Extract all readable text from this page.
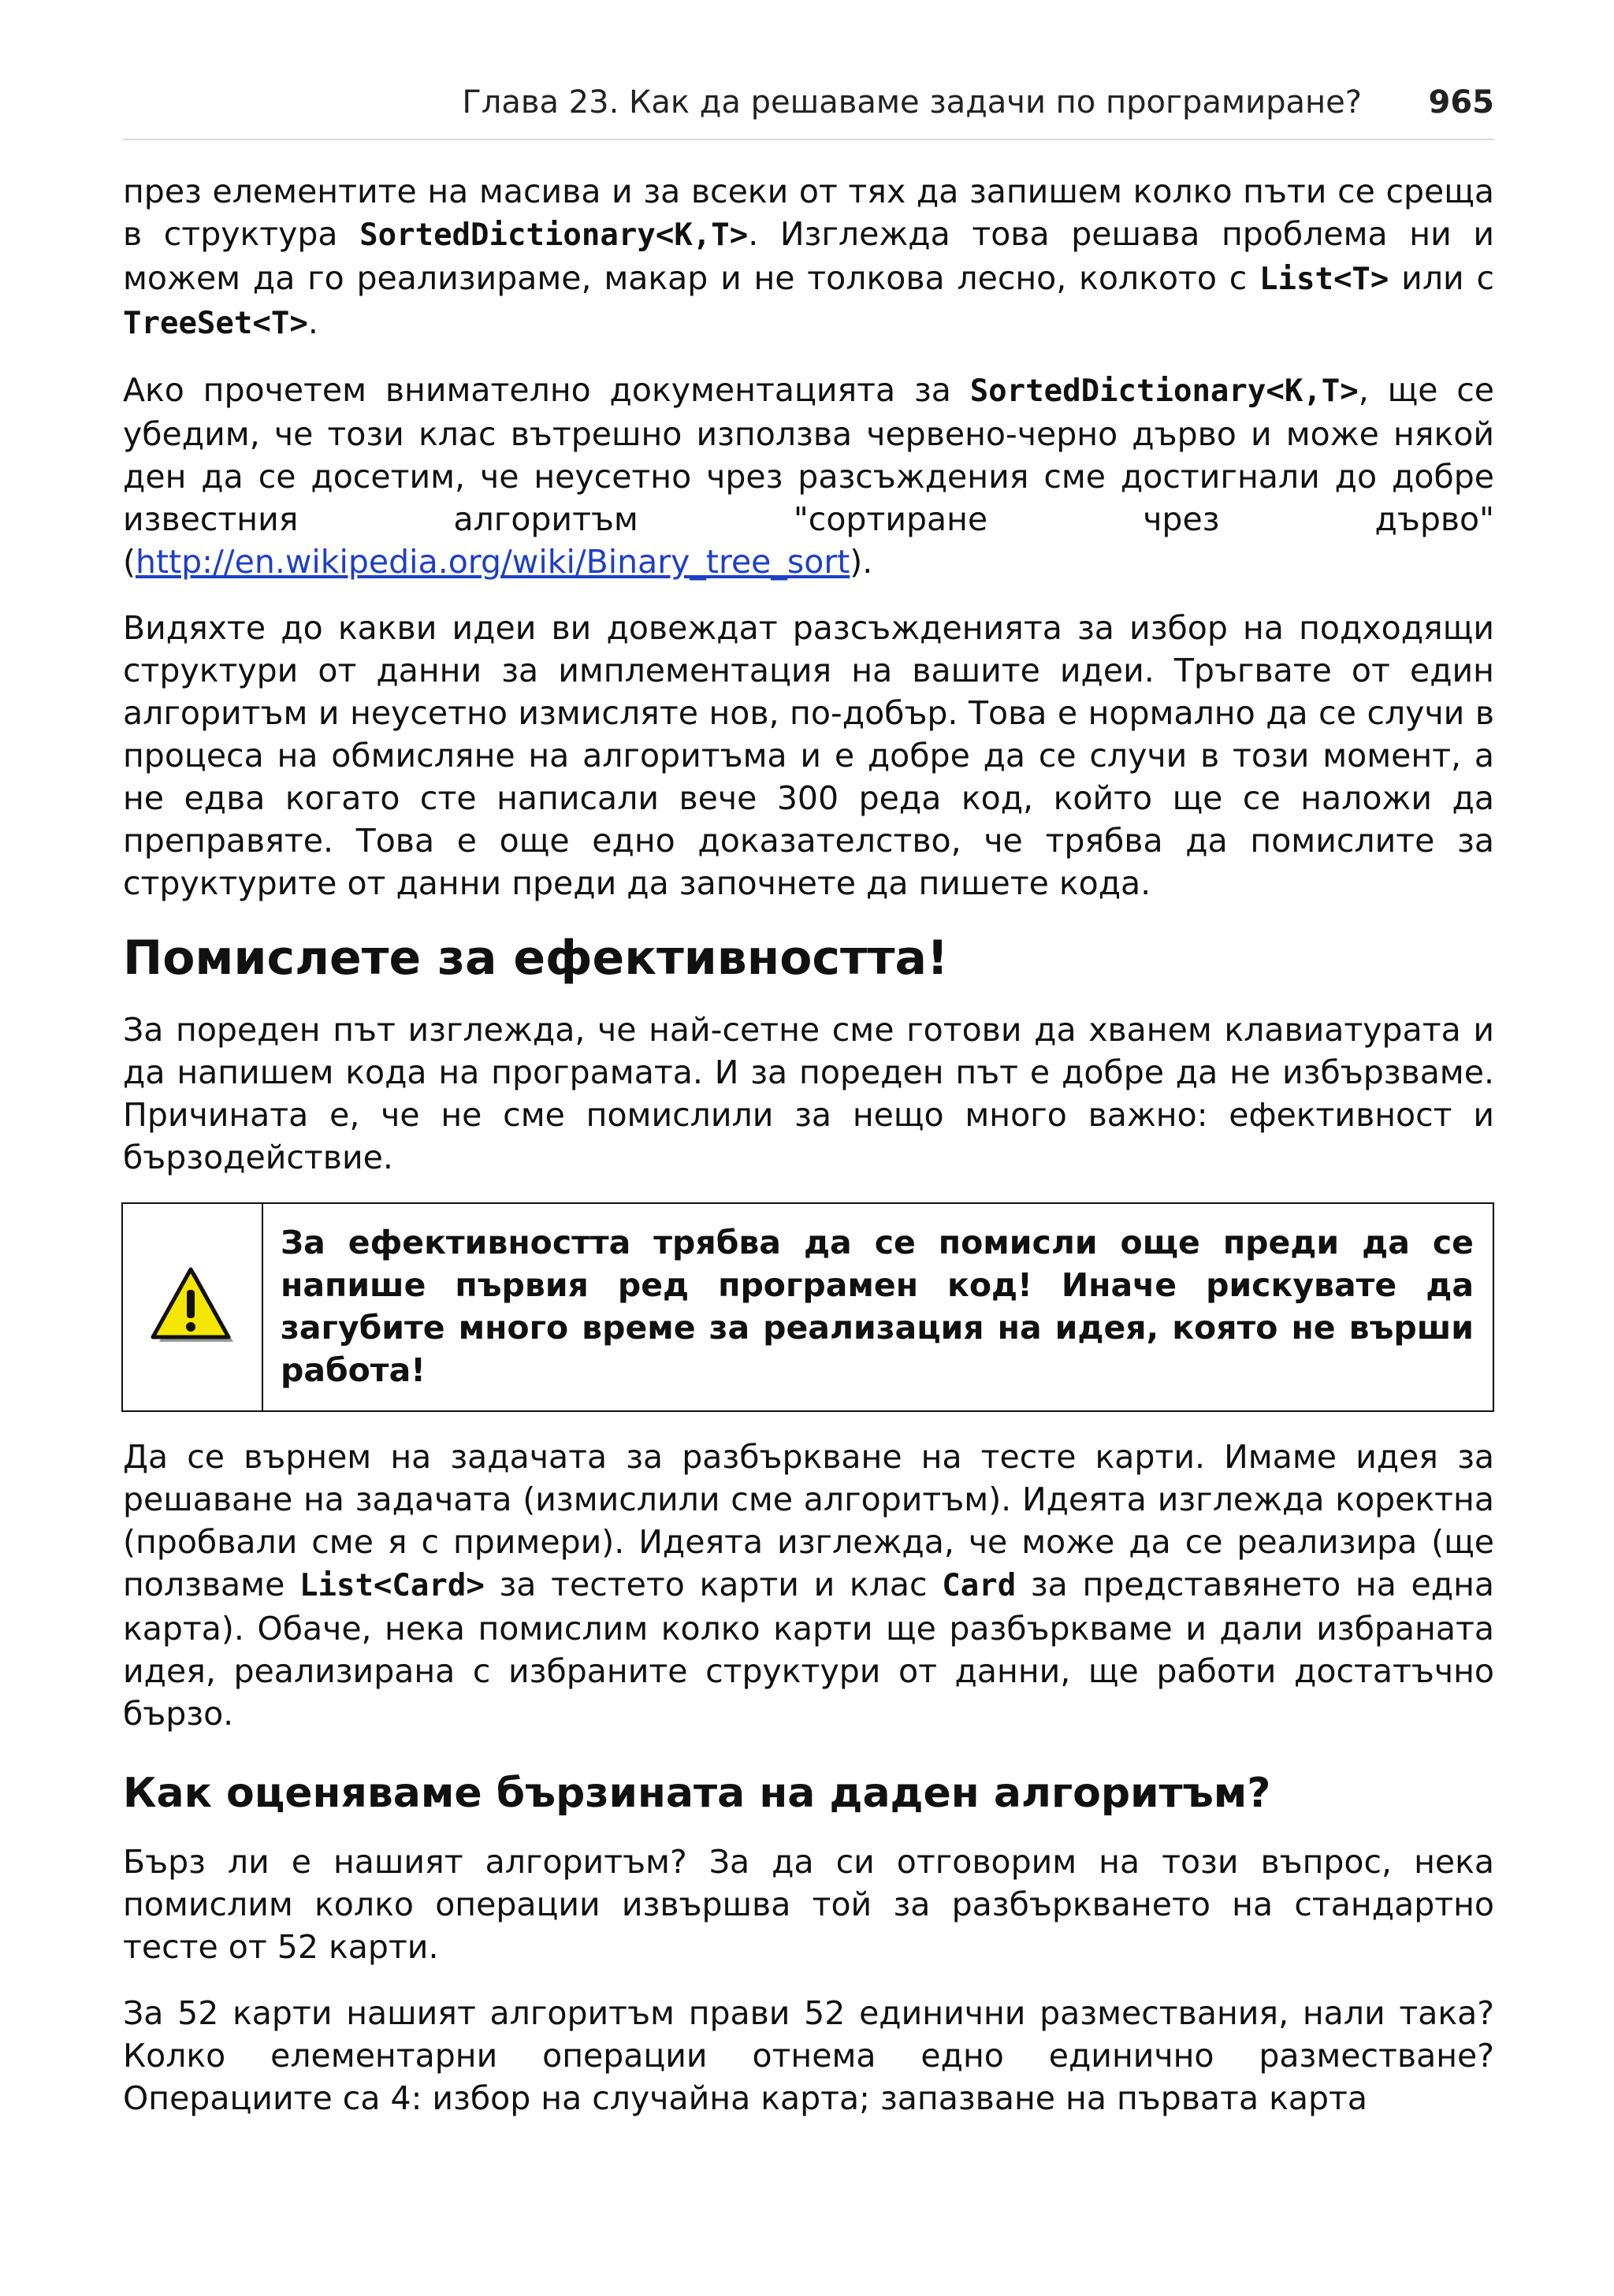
Глава 23. Как да решаваме задачи по програмиране? 965

през елементите на масива и за всеки от тях да запишем колко пъти се среща в структура SortedDictionary<K,T>. Изглежда това решава проблема ни и можем да го реализираме, макар и не толкова лесно, колкото с List<T> или с TreeSet<T>.

Ако прочетем внимателно документацията за SortedDictionary<K,T>, ще се убедим, че този клас вътрешно използва червено-черно дърво и може някой ден да се досетим, че неусетно чрез разсъждения сме достигнали до добре известния алгоритъм "сортиране чрез дърво" (http://en.wikipedia.org/wiki/Binary_tree_sort).

Видяхте до какви идеи ви довеждат разсъжденията за избор на подходящи структури от данни за имплементация на вашите идеи. Тръгвате от един алгоритъм и неусетно измисляте нов, по-добър. Това е нормално да се случи в процеса на обмисляне на алгоритъма и е добре да се случи в този момент, а не едва когато сте написали вече 300 реда код, който ще се наложи да преправяте. Това е още едно доказателство, че трябва да помислите за структурите от данни преди да започнете да пишете кода.

Помислете за ефективността!

За пореден път изглежда, че най-сетне сме готови да хванем клавиатурата и да напишем кода на програмата. И за пореден път е добре да не избързваме. Причината е, че не сме помислили за нещо много важно: ефективност и бързодействие.

За ефективността трябва да се помисли още преди да се напише първия ред програмен код! Иначе рискувате да загубите много време за реализация на идея, която не върши работа!

Да се върнем на задачата за разбъркване на тесте карти. Имаме идея за решаване на задачата (измислили сме алгоритъм). Идеята изглежда коректна (пробвали сме я с примери). Идеята изглежда, че може да се реализира (ще ползваме List<Card> за тестето карти и клас Card за представянето на една карта). Обаче, нека помислим колко карти ще разбъркваме и дали избраната идея, реализирана с избраните структури от данни, ще работи достатъчно бързо.

Как оценяваме бързината на даден алгоритъм?

Бърз ли е нашият алгоритъм? За да си отговорим на този въпрос, нека помислим колко операции извършва той за разбъркването на стандартно тесте от 52 карти.

За 52 карти нашият алгоритъм прави 52 единични размествания, нали така? Колко елементарни операции отнема едно единично разместване? Операциите са 4: избор на случайна карта; запазване на първата карта
